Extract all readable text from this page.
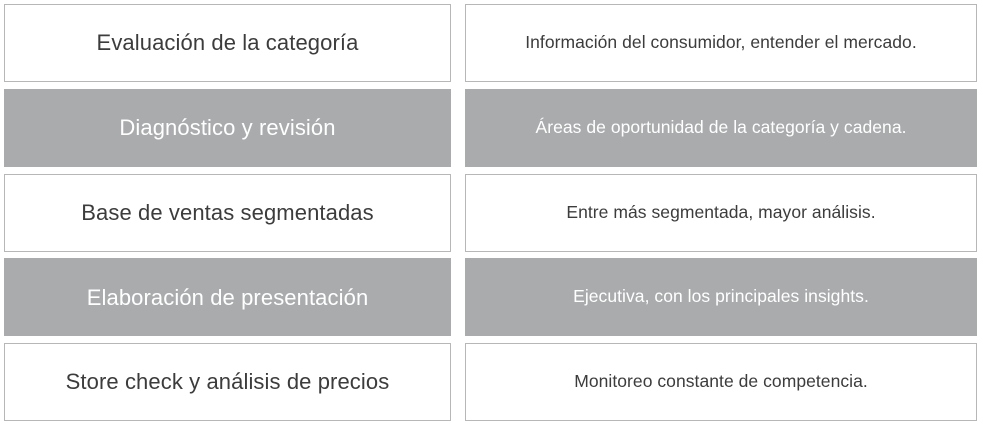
Evaluación de la categoría	Información del consumidor, entender el mercado.
Diagnóstico y revisión	Áreas de oportunidad de la categoría y cadena.
Base de ventas segmentadas	Entre más segmentada, mayor análisis.
Elaboración de presentación	Ejecutiva, con los principales insights.
Store check y análisis de precios	Monitoreo constante de competencia.
